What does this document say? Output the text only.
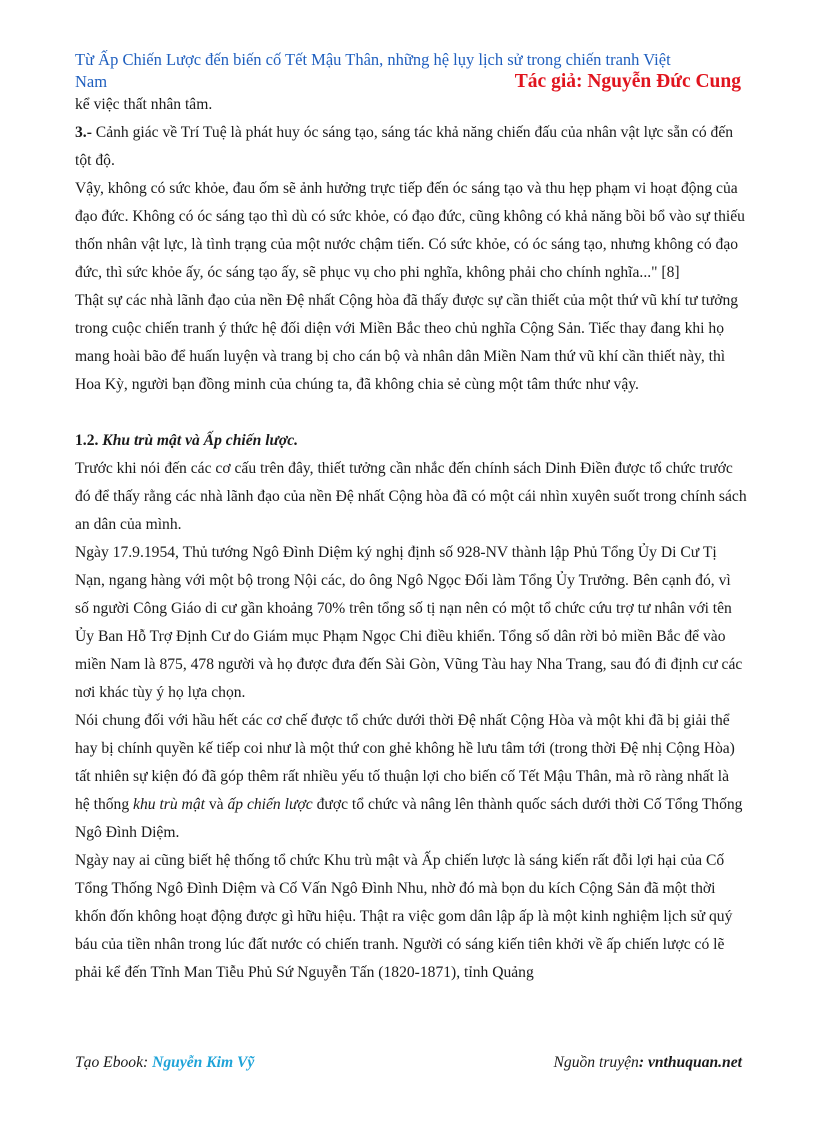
Từ Ấp Chiến Lược đến biến cố Tết Mậu Thân, những hệ lụy lịch sử trong chiến tranh Việt
Nam	Tác giả: Nguyễn Đức Cung

kể việc thất nhân tâm.

3.- Cảnh giác về Trí Tuệ là phát huy óc sáng tạo, sáng tác khả năng chiến đấu của nhân vật lực sẵn có đến tột độ.

Vậy, không có sức khỏe, đau ốm sẽ ảnh hưởng trực tiếp đến óc sáng tạo và thu hẹp phạm vi hoạt động của đạo đức. Không có óc sáng tạo thì dù có sức khỏe, có đạo đức, cũng không có khả năng bồi bổ vào sự thiếu thốn nhân vật lực, là tình trạng của một nước chậm tiến. Có sức khỏe, có óc sáng tạo, nhưng không có đạo đức, thì sức khỏe ấy, óc sáng tạo ấy, sẽ phục vụ cho phi nghĩa, không phải cho chính nghĩa..." [8]

Thật sự các nhà lãnh đạo của nền Đệ nhất Cộng hòa đã thấy được sự cần thiết của một thứ vũ khí tư tưởng trong cuộc chiến tranh ý thức hệ đối diện với Miền Bắc theo chủ nghĩa Cộng Sản. Tiếc thay đang khi họ mang hoài bão để huấn luyện và trang bị cho cán bộ và nhân dân Miền Nam thứ vũ khí cần thiết này, thì Hoa Kỳ, người bạn đồng minh của chúng ta, đã không chia sẻ cùng một tâm thức như vậy.

1.2. Khu trù mật và Ấp chiến lược.

Trước khi nói đến các cơ cấu trên đây, thiết tưởng cần nhắc đến chính sách Dinh Điền được tổ chức trước đó để thấy rằng các nhà lãnh đạo của nền Đệ nhất Cộng hòa đã có một cái nhìn xuyên suốt trong chính sách an dân của mình.

Ngày 17.9.1954, Thủ tướng Ngô Đình Diệm ký nghị định số 928-NV thành lập Phủ Tổng Ủy Di Cư Tị Nạn, ngang hàng với một bộ trong Nội các, do ông Ngô Ngọc Đối làm Tổng Ủy Trưởng. Bên cạnh đó, vì số người Công Giáo di cư gần khoảng 70% trên tổng số tị nạn nên có một tổ chức cứu trợ tư nhân với tên Ủy Ban Hỗ Trợ Định Cư do Giám mục Phạm Ngọc Chi điều khiển. Tổng số dân rời bỏ miền Bắc để vào miền Nam là 875, 478 người và họ được đưa đến Sài Gòn, Vũng Tàu hay Nha Trang, sau đó đi định cư các nơi khác tùy ý họ lựa chọn.

Nói chung đối với hầu hết các cơ chế được tổ chức dưới thời Đệ nhất Cộng Hòa và một khi đã bị giải thể hay bị chính quyền kế tiếp coi như là một thứ con ghẻ không hề lưu tâm tới (trong thời Đệ nhị Cộng Hòa) tất nhiên sự kiện đó đã góp thêm rất nhiều yếu tố thuận lợi cho biến cố Tết Mậu Thân, mà rõ ràng nhất là hệ thống khu trù mật và ấp chiến lược được tổ chức và nâng lên thành quốc sách dưới thời Cố Tổng Thống Ngô Đình Diệm.

Ngày nay ai cũng biết hệ thống tổ chức Khu trù mật và Ấp chiến lược là sáng kiến rất đỗi lợi hại của Cố Tổng Thống Ngô Đình Diệm và Cố Vấn Ngô Đình Nhu, nhờ đó mà bọn du kích Cộng Sản đã một thời khốn đốn không hoạt động được gì hữu hiệu. Thật ra việc gom dân lập ấp là một kinh nghiệm lịch sử quý báu của tiền nhân trong lúc đất nước có chiến tranh. Người có sáng kiến tiên khởi về ấp chiến lược có lẽ phải kể đến Tĩnh Man Tiễu Phủ Sứ Nguyễn Tấn (1820-1871), tỉnh Quảng

Tạo Ebook: Nguyễn Kim Vỹ	Nguồn truyện: vnthuquan.net
